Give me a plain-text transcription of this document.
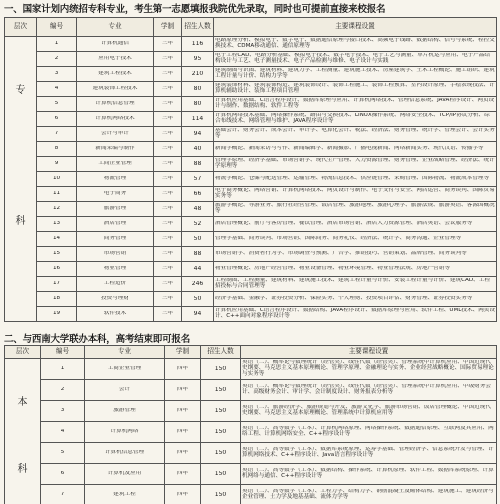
一、国家计划内统招专科专业，考生第一志愿填报我院优先录取，同时也可提前直接来校报名
层次	编号	专业	学制	招生人数	主要课程设置

专
科	1	计算机通信	三年	116	电路原理分析、模拟电子、数字电子、数据通信原理与接口技术、高频电子线路、数据结构、信号与系统、程控交换技术、CDMA移动通信、通信原理等

	2	应用电子技术	三年	95	电子工程CAD、电路分析基础、模拟电子技术、数字电子技术、电子工艺与测量、单片机运与应用、电子产品结构设计与工艺、电子测量技术、电子产品检测与维修、电子设计与实践

	3	建筑工程技术	三年	210	建筑制图与识图、建筑材料、建筑力学、工程测量、建筑施工技术、房屋建筑学、土木工程概论、施工组织、建筑工程计量与计价、结构力学等

	4	建筑装饰工程技术	三年	80	建筑装饰材料、建筑装饰构造、建筑装饰设计、装饰工程施工、装饰工程预算、室内设计原理、手绘表现技法、计算机辅助设计、装饰工程项目管理

	5	计算机信息管理	三年	80	计算机应用基础、C语言程序设计、数据库原理与应用、计算机网络技术、管理信息系统、JAVA程序设计、网页设计与制作、数据结构、软件工程等

	6	计算机网络技术	三年	114	计算机网络技术基础、网络操作系统、路由与交换技术、LINUX操作系统、网络安全技术、TCP/IP协议分析、综合布线技术、网络管理与维护、JAVA程序设计等

	7	会计与审计	三年	94	基础会计、财务会计、成本会计、审计学、电算化会计、税法、经济法、财务管理、统计学、管理会计、会计实务等

	8	新闻采编与制作	三年	40	新闻学概论、新闻采访与写作、新闻编辑学、新闻摄影、广播电视新闻、网络新闻实务、现代汉语、传播学等

	9	工商企业管理	三年	88	管理学原理、经济学基础、市场营销学、现代生产管理、人力资源管理、财务管理、企业战略管理、经济法、统计学原理等

	10	物流管理	三年	57	物流学概论、仓储与配送管理、运输管理、物流信息技术、供应链管理、采购管理、国际物流、物流成本管理等

	11	电子商务	三年	66	电子商务概论、网络营销、计算机网络技术、网页设计与制作、电子支付与安全、网店运营、商务谈判、国际贸易实务等

	12	旅游管理	三年	48	旅游学概论、导游业务、旅行社经营管理、饭店管理、旅游地理、旅游心理学、旅游法规、旅游英语、客源国概况等

	13	酒店管理	三年	52	酒店管理概论、前厅与客房管理、餐饮管理、酒店市场营销、酒店人力资源管理、酒店英语、会议服务等

	14	商务管理	三年	50	管理学基础、商务谈判、市场营销、国际商务、商务礼仪、经济法、统计学、商务沟通、企业管理等

	15	市场营销	三年	88	市场营销学、消费者行为学、市场调查与预测、广告学、推销技巧、营销策划、品牌管理、商务谈判等

	16	物业管理	三年	44	物业管理概论、房地产经营管理、物业设备管理、物业环境管理、物业管理法规、房地产营销等

	17	工程造价	三年	246	工程制图、工程测量、建筑材料、建筑施工技术、建筑工程计量与计价、安装工程计量与计价、建筑CAD、工程招投标与合同管理等

	18	投资与理财	三年	50	经济学基础、金融学、证券投资分析、保险实务、个人理财、投资项目评估、财务管理、证券投资实务等

	19	软件技术	三年	94	计算机应用基础、C语言程序设计、数据结构、JAVA程序设计、数据库原理与应用、软件工程、UML技术、网页设计、C++面向对象程序设计等
二、与西南大学联办本科，高考结束即可报名
层次	编号	专业	学制	招生人数	主要课程设置

本
科	1	工商企业管理	四年	150	英语（二）、概率论与数理统计（经管类）、线性代数（经管类）、管理系统中计算机应用、中国近现代史纲要、马克思主义基本原理概论、管理学原理、金融理论与实务、企业经营战略概论、国际贸易理论与实务等

	2	会计	四年	150	英语（二）、概率论与数理统计（经管类）、线性代数（经管类）、管理系统中计算机应用、中级财务会计、高级财务会计、审计学、会计制度设计、财务报表分析等

	3	旅游管理	四年	150	英语（二）、旅游经济学、旅游规划与开发、旅游文化学、旅游市场营销、饭店管理概论、中国近现代史纲要、马克思主义基本原理概论、管理系统中计算机应用等

	4	计算机网络	四年	150	英语（二）、高等数学（工本）、计算机网络原理、网络操作系统、数据通信原理、互联网及其应用、网络工程、计算机网络安全、C++程序设计等

	5	计算机信息管理	四年	150	英语（二）、高等数学（工本）、数据库系统原理、运筹学基础、管理经济学、信息系统开发与管理、计算机网络技术、C++程序设计、Java语言程序设计等

	6	计算机及应用	四年	150	英语（二）、高等数学（工本）、数据结构、操作系统、计算机原理、软件工程、数据库系统原理、计算机网络与通信、C++程序设计等

	7	建筑工程	四年	150	英语（二）、高等数学（工本）、工程力学、结构力学、钢筋混凝土及砌体结构、建筑施工、建筑经济与企业管理、土力学及地基基础、流体力学等
